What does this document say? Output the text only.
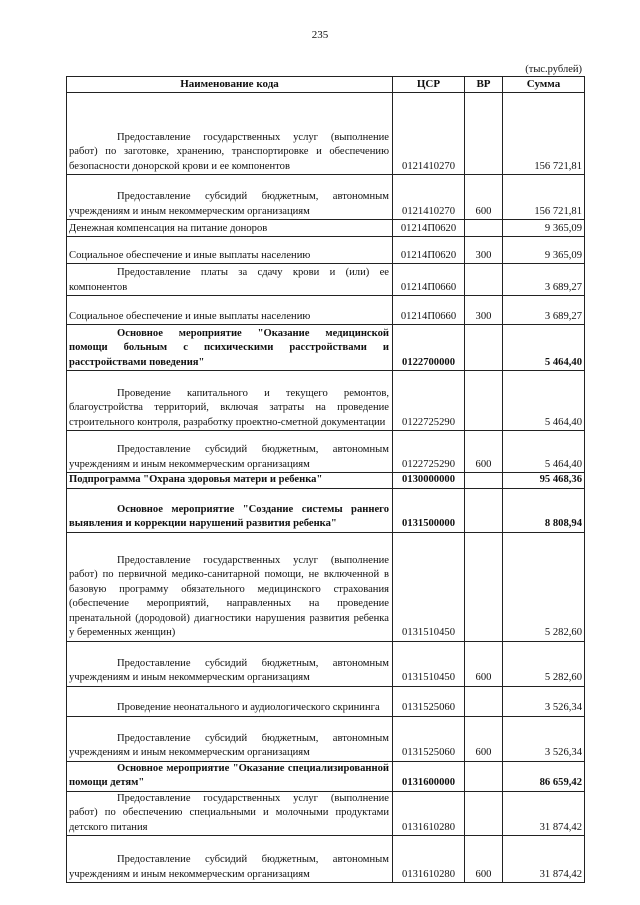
235
(тыс.рублей)
Наименование кода	ЦСР	ВР	Сумма

Предоставление государственных услуг (выполнение работ) по заготовке, хранению, транспортировке и обеспечению безопасности донорской крови и ее компонентов	0121410270		156 721,81

Предоставление субсидий бюджетным, автономным учреждениям и иным некоммерческим организациям	0121410270	600	156 721,81

Денежная компенсация на питание доноров	01214П0620		9 365,09

Социальное обеспечение и иные выплаты населению	01214П0620	300	9 365,09

Предоставление платы за сдачу крови и (или) ее компонентов	01214П0660		3 689,27

Социальное обеспечение и иные выплаты населению	01214П0660	300	3 689,27

Основное мероприятие "Оказание медицинской помощи больным с психическими расстройствами и расстройствами поведения"	0122700000		5 464,40

Проведение капитального и текущего ремонтов, благоустройства территорий, включая затраты на проведение строительного контроля, разработку проектно-сметной документации	0122725290		5 464,40

Предоставление субсидий бюджетным, автономным учреждениям и иным некоммерческим организациям	0122725290	600	5 464,40

Подпрограмма "Охрана здоровья матери и ребенка"	0130000000		95 468,36

Основное мероприятие "Создание системы раннего выявления и коррекции нарушений развития ребенка"	0131500000		8 808,94

Предоставление государственных услуг (выполнение работ) по первичной медико-санитарной помощи, не включенной в базовую программу обязательного медицинского страхования (обеспечение мероприятий, направленных на проведение пренатальной (дородовой) диагностики нарушения развития ребенка у беременных женщин)	0131510450		5 282,60

Предоставление субсидий бюджетным, автономным учреждениям и иным некоммерческим организациям	0131510450	600	5 282,60

Проведение неонатального и аудиологического скрининга	0131525060		3 526,34

Предоставление субсидий бюджетным, автономным учреждениям и иным некоммерческим организациям	0131525060	600	3 526,34

Основное мероприятие "Оказание специализированной помощи детям"	0131600000		86 659,42

Предоставление государственных услуг (выполнение работ) по обеспечению специальными и молочными продуктами детского питания	0131610280		31 874,42

Предоставление субсидий бюджетным, автономным учреждениям и иным некоммерческим организациям	0131610280	600	31 874,42
